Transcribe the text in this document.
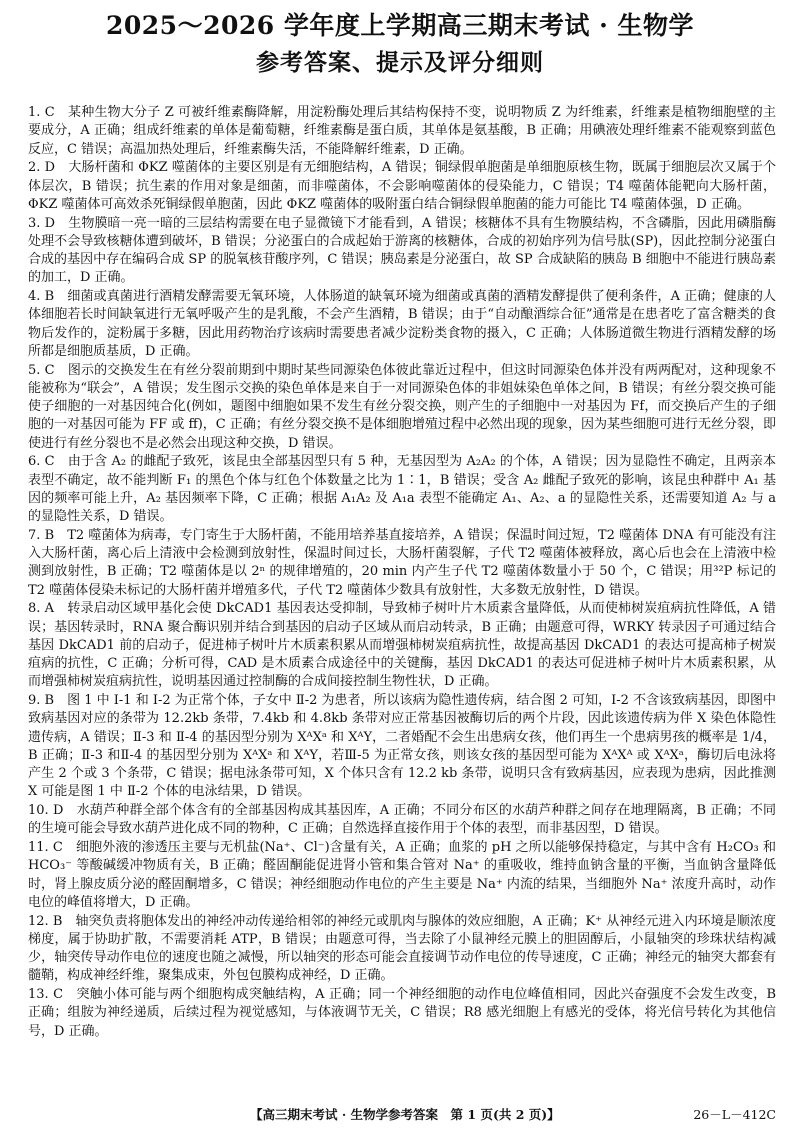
2025～2026 学年度上学期高三期末考试 · 生物学
参考答案、提示及评分细则

1. C　某种生物大分子 Z 可被纤维素酶降解，用淀粉酶处理后其结构保持不变，说明物质 Z 为纤维素，纤维素是植物细胞壁的主要成分，A 正确；组成纤维素的单体是葡萄糖，纤维素酶是蛋白质，其单体是氨基酸，B 正确；用碘液处理纤维素不能观察到蓝色反应，C 错误；高温加热处理后，纤维素酶失活，不能降解纤维素，D 正确。

2. D　大肠杆菌和 ΦKZ 噬菌体的主要区别是有无细胞结构，A 错误；铜绿假单胞菌是单细胞原核生物，既属于细胞层次又属于个体层次，B 错误；抗生素的作用对象是细菌，而非噬菌体，不会影响噬菌体的侵染能力，C 错误；T4 噬菌体能靶向大肠杆菌，ΦKZ 噬菌体可高效杀死铜绿假单胞菌，因此 ΦKZ 噬菌体的吸附蛋白结合铜绿假单胞菌的能力可能比 T4 噬菌体强，D 正确。

3. D　生物膜暗一亮一暗的三层结构需要在电子显微镜下才能看到，A 错误；核糖体不具有生物膜结构，不含磷脂，因此用磷脂酶处理不会导致核糖体遭到破坏，B 错误；分泌蛋白的合成起始于游离的核糖体，合成的初始序列为信号肽(SP)，因此控制分泌蛋白合成的基因中存在编码合成 SP 的脱氧核苷酸序列，C 错误；胰岛素是分泌蛋白，故 SP 合成缺陷的胰岛 B 细胞中不能进行胰岛素的加工，D 正确。

4. B　细菌或真菌进行酒精发酵需要无氧环境，人体肠道的缺氧环境为细菌或真菌的酒精发酵提供了便利条件，A 正确；健康的人体细胞若长时间缺氧进行无氧呼吸产生的是乳酸，不会产生酒精，B 错误；由于“自动酿酒综合征”通常是在患者吃了富含糖类的食物后发作的，淀粉属于多糖，因此用药物治疗该病时需要患者减少淀粉类食物的摄入，C 正确；人体肠道微生物进行酒精发酵的场所都是细胞质基质，D 正确。

5. C　图示的交换发生在有丝分裂前期到中期时某些同源染色体彼此靠近过程中，但这时同源染色体并没有两两配对，这种现象不能被称为“联会”，A 错误；发生图示交换的染色单体是来自于一对同源染色体的非姐妹染色单体之间，B 错误；有丝分裂交换可能使子细胞的一对基因纯合化(例如，题图中细胞如果不发生有丝分裂交换，则产生的子细胞中一对基因为 Ff，而交换后产生的子细胞的一对基因可能为 FF 或 ff)，C 正确；有丝分裂交换不是体细胞增殖过程中必然出现的现象，因为某些细胞可进行无丝分裂，即使进行有丝分裂也不是必然会出现这种交换，D 错误。

6. C　由于含 A₂ 的雌配子致死，该昆虫全部基因型只有 5 种，无基因型为 A₂A₂ 的个体，A 错误；因为显隐性不确定，且两亲本表型不确定，故不能判断 F₁ 的黑色个体与红色个体数量之比为 1∶1，B 错误；受含 A₂ 雌配子致死的影响，该昆虫种群中 A₁ 基因的频率可能上升，A₂ 基因频率下降，C 正确；根据 A₁A₂ 及 A₁a 表型不能确定 A₁、A₂、a 的显隐性关系，还需要知道 A₂ 与 a 的显隐性关系，D 错误。

7. B　T2 噬菌体为病毒，专门寄生于大肠杆菌，不能用培养基直接培养，A 错误；保温时间过短，T2 噬菌体 DNA 有可能没有注入大肠杆菌，离心后上清液中会检测到放射性，保温时间过长，大肠杆菌裂解，子代 T2 噬菌体被释放，离心后也会在上清液中检测到放射性，B 正确；T2 噬菌体是以 2ⁿ 的规律增殖的，20 min 内产生子代 T2 噬菌体数量小于 50 个，C 错误；用³²P 标记的 T2 噬菌体侵染未标记的大肠杆菌并增殖多代，子代 T2 噬菌体少数具有放射性，大多数无放射性，D 错误。

8. A　转录启动区域甲基化会使 DkCAD1 基因表达受抑制，导致柿子树叶片木质素含量降低，从而使柿树炭疽病抗性降低，A 错误；基因转录时，RNA 聚合酶识别并结合到基因的启动子区域从而启动转录，B 正确；由题意可得，WRKY 转录因子可通过结合基因 DkCAD1 前的启动子，促进柿子树叶片木质素积累从而增强柿树炭疽病抗性，故提高基因 DkCAD1 的表达可提高柿子树炭疽病的抗性，C 正确；分析可得，CAD 是木质素合成途径中的关键酶，基因 DkCAD1 的表达可促进柿子树叶片木质素积累，从而增强柿树炭疽病抗性，说明基因通过控制酶的合成间接控制生物性状，D 正确。

9. B　图 1 中 Ⅰ-1 和 Ⅰ-2 为正常个体，子女中 Ⅱ-2 为患者，所以该病为隐性遗传病，结合图 2 可知，Ⅰ-2 不含该致病基因，即图中致病基因对应的条带为 12.2kb 条带，7.4kb 和 4.8kb 条带对应正常基因被酶切后的两个片段，因此该遗传病为伴 X 染色体隐性遗传病，A 错误；Ⅱ-3 和 Ⅱ-4 的基因型分别为 XᴬXᵃ 和 XᴬY，二者婚配不会生出患病女孩，他们再生一个患病男孩的概率是 1/4，B 正确；Ⅱ-3 和Ⅱ-4 的基因型分别为 XᴬXᵃ 和 XᴬY，若Ⅲ-5 为正常女孩，则该女孩的基因型可能为 XᴬXᴬ 或 XᴬXᵃ，酶切后电泳将产生 2 个或 3 个条带，C 错误；据电泳条带可知，X 个体只含有 12.2 kb 条带，说明只含有致病基因，应表现为患病，因此推测 X 可能是图 1 中 Ⅱ-2 个体的电泳结果，D 错误。

10. D　水葫芦种群全部个体含有的全部基因构成其基因库，A 正确；不同分布区的水葫芦种群之间存在地理隔离，B 正确；不同的生境可能会导致水葫芦进化成不同的物种，C 正确；自然选择直接作用于个体的表型，而非基因型，D 错误。

11. C　细胞外液的渗透压主要与无机盐(Na⁺、Cl⁻)含量有关，A 正确；血浆的 pH 之所以能够保持稳定，与其中含有 H₂CO₃ 和 HCO₃⁻ 等酸碱缓冲物质有关，B 正确；醛固酮能促进肾小管和集合管对 Na⁺ 的重吸收，维持血钠含量的平衡，当血钠含量降低时，肾上腺皮质分泌的醛固酮增多，C 错误；神经细胞动作电位的产生主要是 Na⁺ 内流的结果，当细胞外 Na⁺ 浓度升高时，动作电位的峰值将增大，D 正确。

12. B　轴突负责将胞体发出的神经冲动传递给相邻的神经元或肌肉与腺体的效应细胞，A 正确；K⁺ 从神经元进入内环境是顺浓度梯度，属于协助扩散，不需要消耗 ATP，B 错误；由题意可得，当去除了小鼠神经元膜上的胆固醇后，小鼠轴突的珍珠状结构减少，轴突传导动作电位的速度也随之减慢，所以轴突的形态可能会直接调节动作电位的传导速度，C 正确；神经元的轴突大都套有髓鞘，构成神经纤维，聚集成束，外包包膜构成神经，D 正确。

13. C　突触小体可能与两个细胞构成突触结构，A 正确；同一个神经细胞的动作电位峰值相同，因此兴奋强度不会发生改变，B 正确；组胺为神经递质，后续过程为视觉感知，与体液调节无关，C 错误；R8 感光细胞上有感光的受体，将光信号转化为其他信号，D 正确。

【高三期末考试 · 生物学参考答案　第 1 页(共 2 页)】	26－L－412C
